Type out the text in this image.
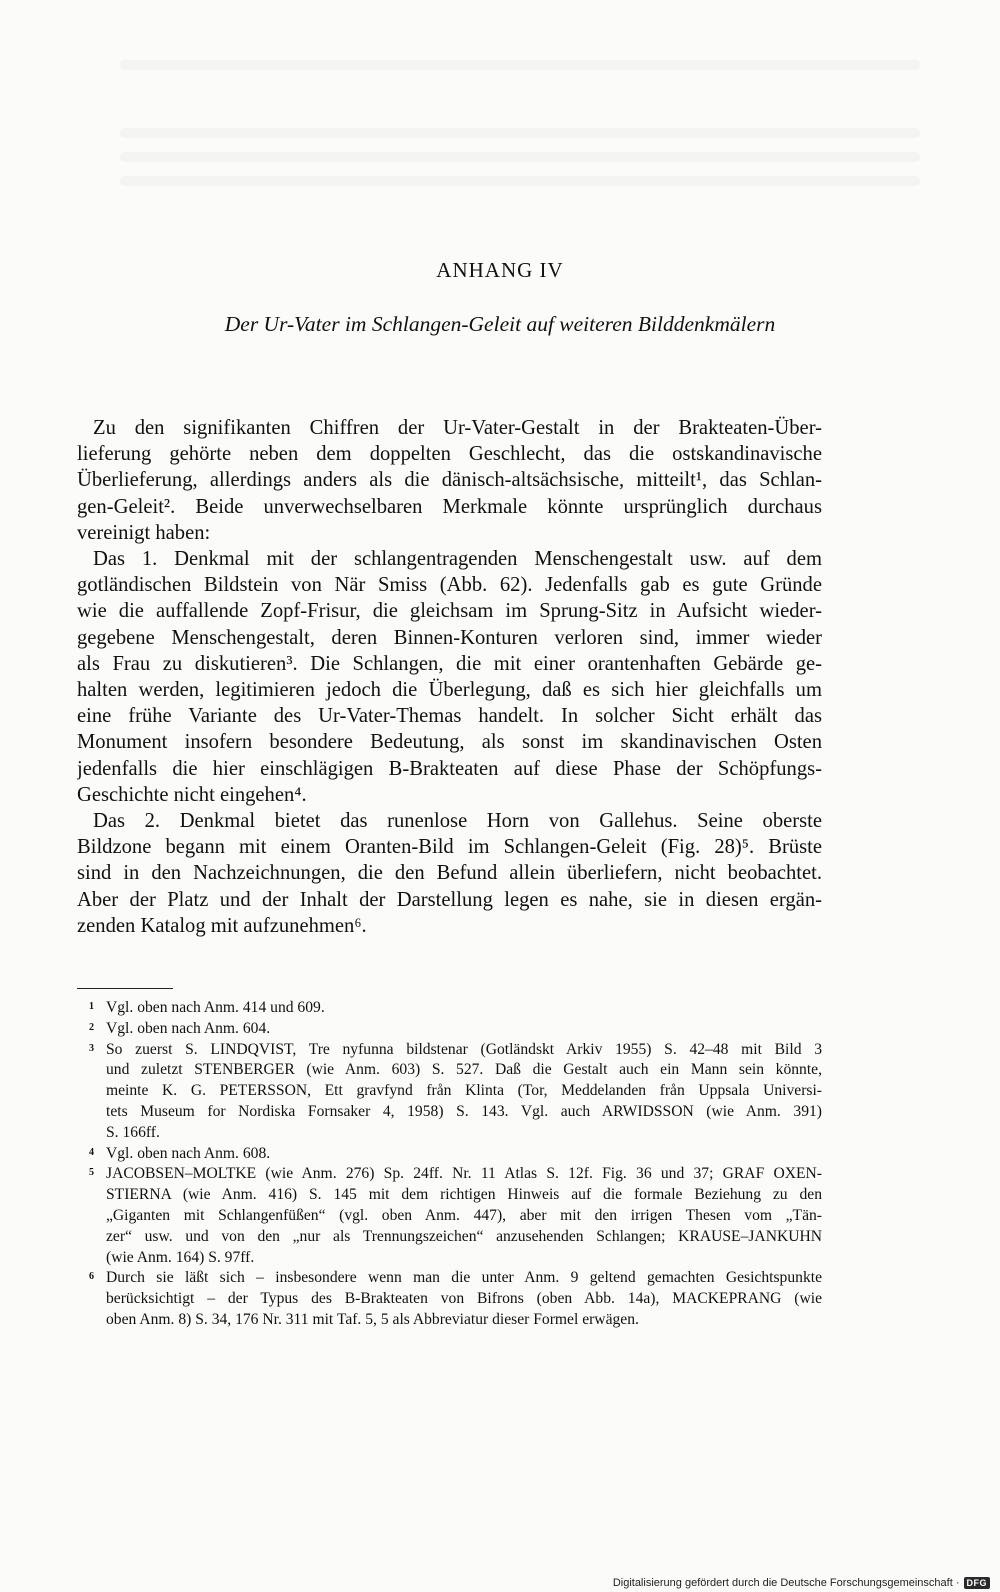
ANHANG IV
Der Ur-Vater im Schlangen-Geleit auf weiteren Bilddenkmälern
Zu den signifikanten Chiffren der Ur-Vater-Gestalt in der Brakteaten-Über-
lieferung gehörte neben dem doppelten Geschlecht, das die ostskandinavische
Überlieferung, allerdings anders als die dänisch-altsächsische, mitteilt¹, das Schlan-
gen-Geleit². Beide unverwechselbaren Merkmale könnte ursprünglich durchaus
vereinigt haben:
Das 1. Denkmal mit der schlangentragenden Menschengestalt usw. auf dem
gotländischen Bildstein von När Smiss (Abb. 62). Jedenfalls gab es gute Gründe
wie die auffallende Zopf-Frisur, die gleichsam im Sprung-Sitz in Aufsicht wieder-
gegebene Menschengestalt, deren Binnen-Konturen verloren sind, immer wieder
als Frau zu diskutieren³. Die Schlangen, die mit einer orantenhaften Gebärde ge-
halten werden, legitimieren jedoch die Überlegung, daß es sich hier gleichfalls um
eine frühe Variante des Ur-Vater-Themas handelt. In solcher Sicht erhält das
Monument insofern besondere Bedeutung, als sonst im skandinavischen Osten
jedenfalls die hier einschlägigen B-Brakteaten auf diese Phase der Schöpfungs-
Geschichte nicht eingehen⁴.
Das 2. Denkmal bietet das runenlose Horn von Gallehus. Seine oberste
Bildzone begann mit einem Oranten-Bild im Schlangen-Geleit (Fig. 28)⁵. Brüste
sind in den Nachzeichnungen, die den Befund allein überliefern, nicht beobachtet.
Aber der Platz und der Inhalt der Darstellung legen es nahe, sie in diesen ergän-
zenden Katalog mit aufzunehmen⁶.
1 Vgl. oben nach Anm. 414 und 609.
2 Vgl. oben nach Anm. 604.
3 So zuerst S. LINDQVIST, Tre nyfunna bildstenar (Gotländskt Arkiv 1955) S. 42–48 mit Bild 3
und zuletzt STENBERGER (wie Anm. 603) S. 527. Daß die Gestalt auch ein Mann sein könnte,
meinte K. G. PETERSSON, Ett gravfynd från Klinta (Tor, Meddelanden från Uppsala Universi-
tets Museum for Nordiska Fornsaker 4, 1958) S. 143. Vgl. auch ARWIDSSON (wie Anm. 391)
S. 166ff.
4 Vgl. oben nach Anm. 608.
5 JACOBSEN–MOLTKE (wie Anm. 276) Sp. 24ff. Nr. 11 Atlas S. 12f. Fig. 36 und 37; GRAF OXEN-
STIERNA (wie Anm. 416) S. 145 mit dem richtigen Hinweis auf die formale Beziehung zu den
„Giganten mit Schlangenfüßen“ (vgl. oben Anm. 447), aber mit den irrigen Thesen vom „Tän-
zer“ usw. und von den „nur als Trennungszeichen“ anzusehenden Schlangen; KRAUSE–JANKUHN
(wie Anm. 164) S. 97ff.
6 Durch sie läßt sich – insbesondere wenn man die unter Anm. 9 geltend gemachten Gesichtspunkte
berücksichtigt – der Typus des B-Brakteaten von Bifrons (oben Abb. 14a), MACKEPRANG (wie
oben Anm. 8) S. 34, 176 Nr. 311 mit Taf. 5, 5 als Abbreviatur dieser Formel erwägen.
Digitalisierung gefördert durch die Deutsche Forschungsgemeinschaft · DFG
